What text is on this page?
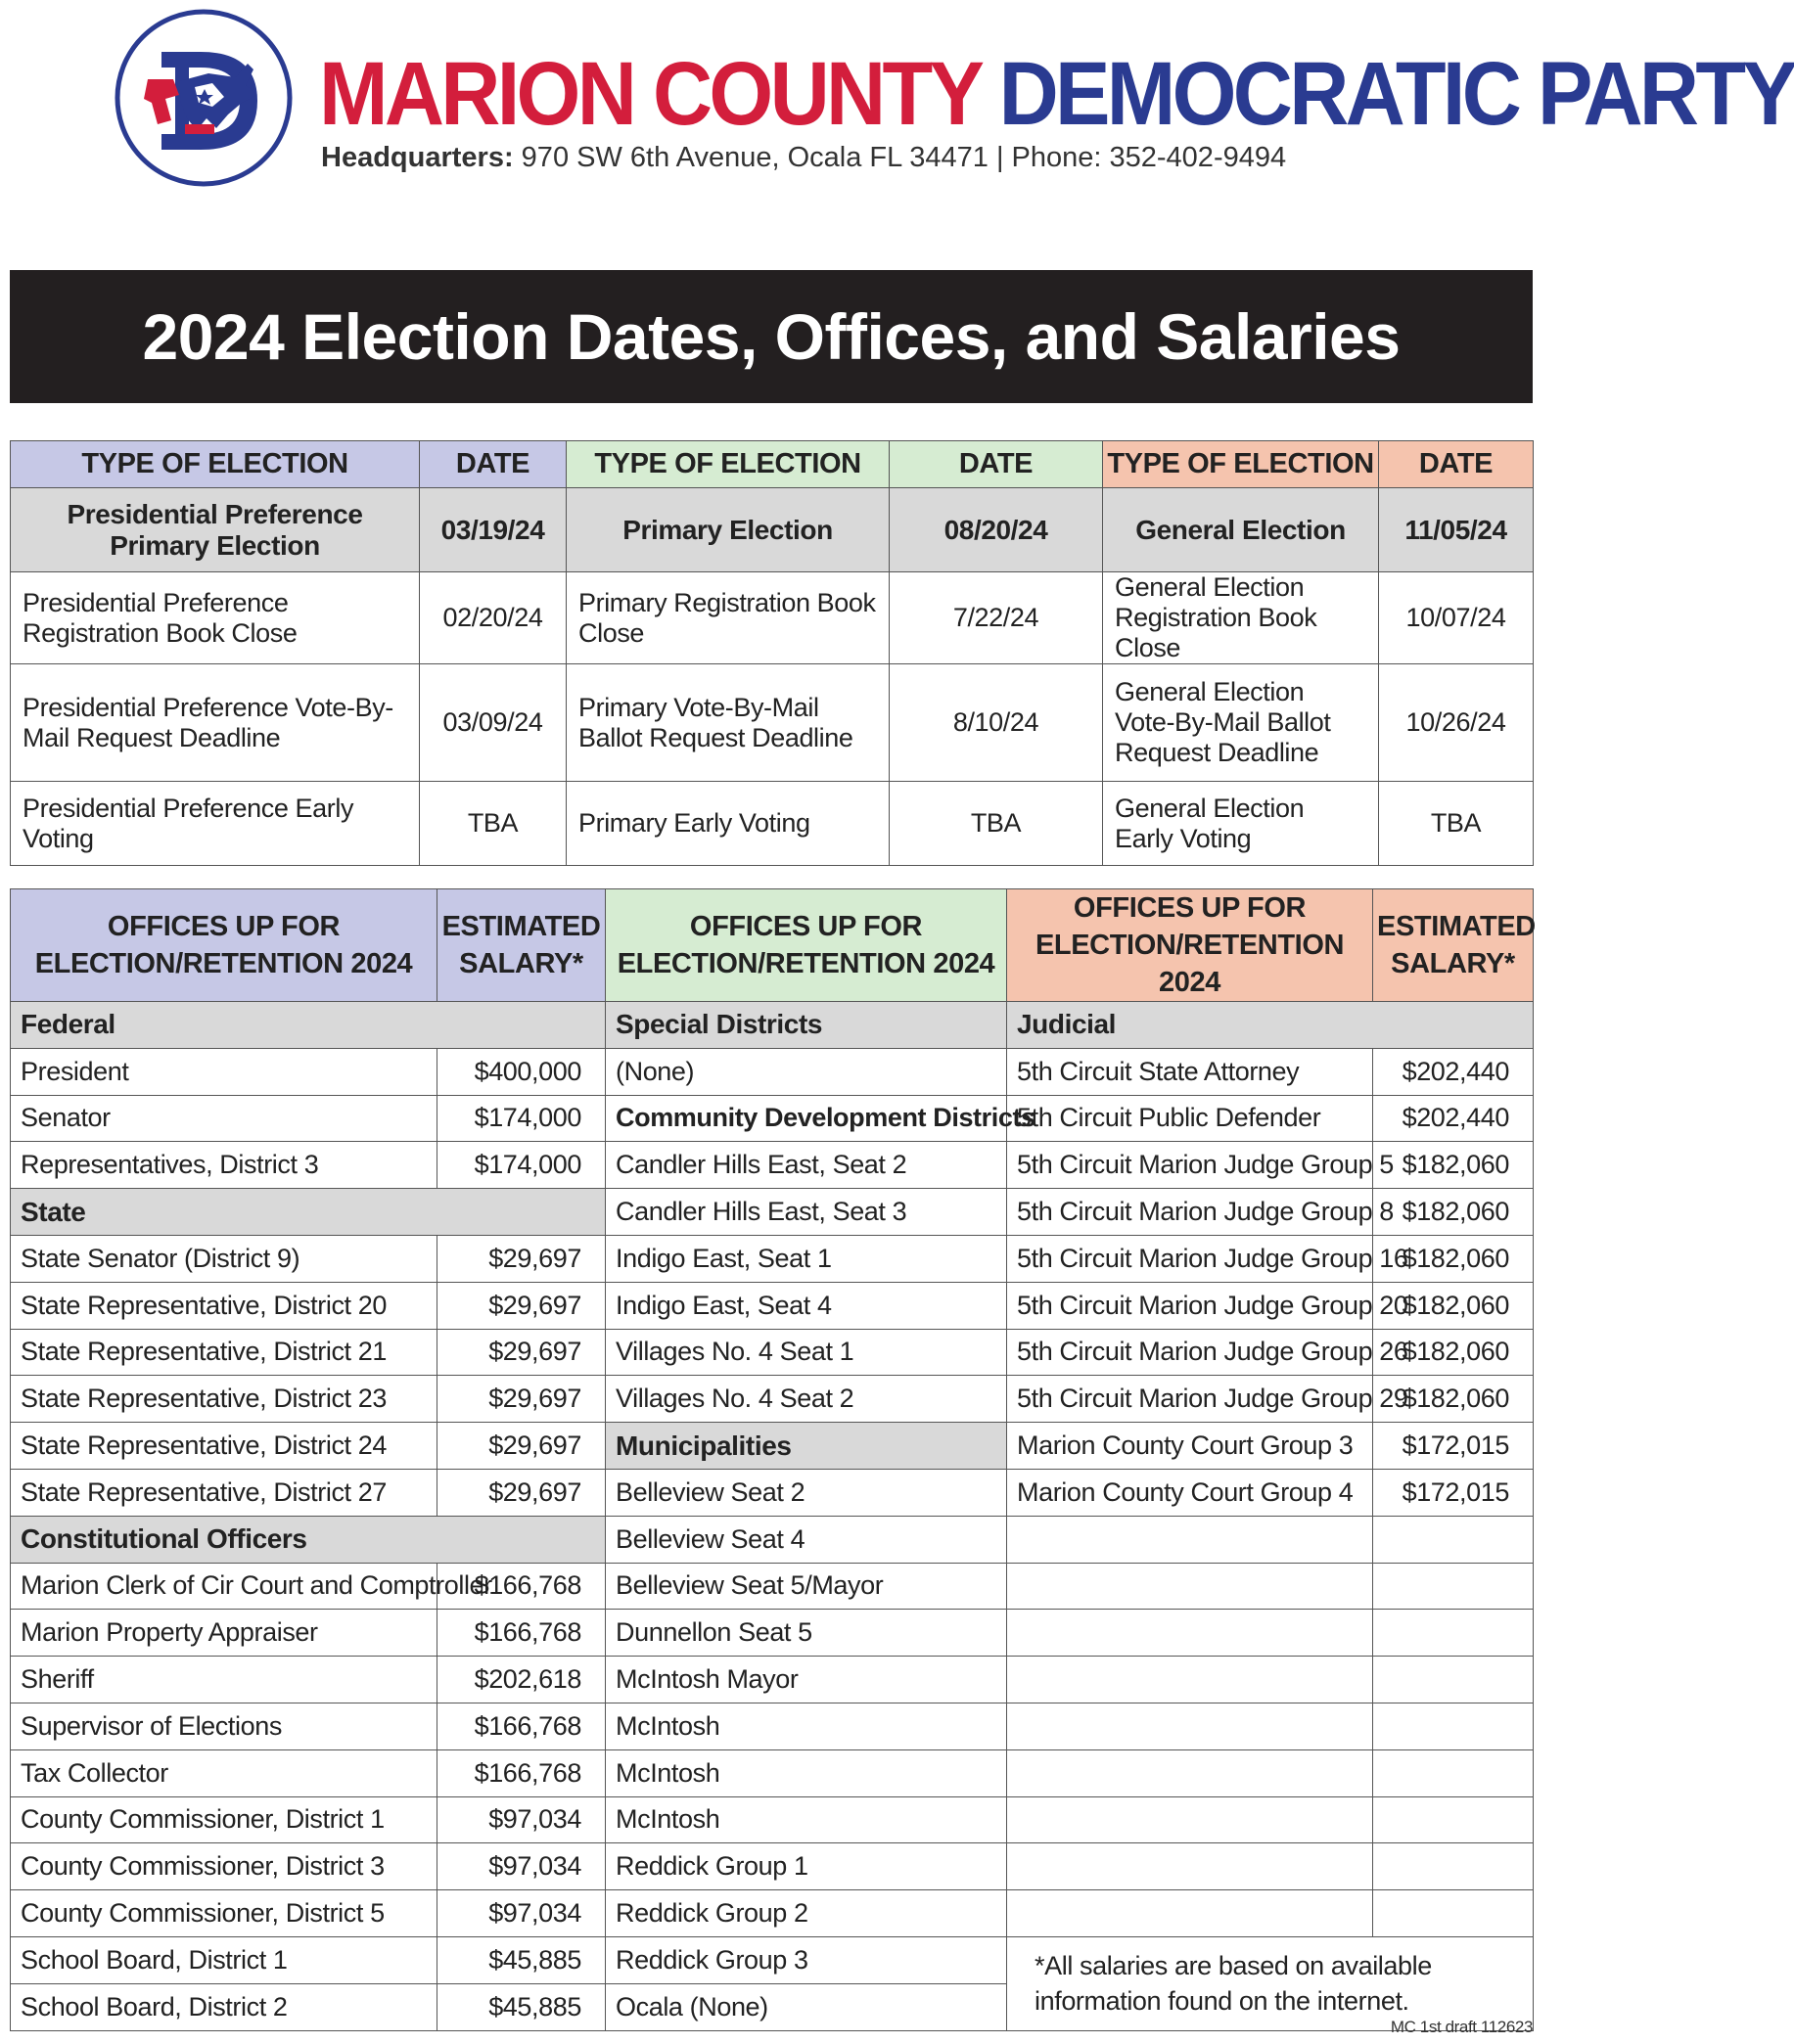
MARION COUNTY DEMOCRATIC PARTY
Headquarters: 970 SW 6th Avenue, Ocala FL 34471 | Phone: 352-402-9494
2024 Election Dates, Offices, and Salaries
TYPE OF ELECTION	DATE	TYPE OF ELECTION	DATE	TYPE OF ELECTION	DATE
Presidential Preference Primary Election	03/19/24	Primary Election	08/20/24	General Election	11/05/24
Presidential Preference Registration Book Close	02/20/24	Primary Registration Book Close	7/22/24	General Election Registration Book Close	10/07/24
Presidential Preference Vote-By-Mail Request Deadline	03/09/24	Primary Vote-By-Mail Ballot Request Deadline	8/10/24	General Election Vote-By-Mail Ballot Request Deadline	10/26/24
Presidential Preference Early Voting	TBA	Primary Early Voting	TBA	General Election Early Voting	TBA
OFFICES UP FOR ELECTION/RETENTION 2024	ESTIMATED SALARY*	OFFICES UP FOR ELECTION/RETENTION 2024	OFFICES UP FOR ELECTION/RETENTION 2024	ESTIMATED SALARY*
Federal		Special Districts	Judicial	
President	$400,000	(None)	5th Circuit State Attorney	$202,440
Senator	$174,000	Community Development Districts	5th Circuit Public Defender	$202,440
Representatives, District 3	$174,000	Candler Hills East, Seat 2	5th Circuit Marion Judge Group 5	$182,060
State		Candler Hills East, Seat 3	5th Circuit Marion Judge Group 8	$182,060
State Senator (District 9)	$29,697	Indigo East, Seat 1	5th Circuit Marion Judge Group 16	$182,060
State Representative, District 20	$29,697	Indigo East, Seat 4	5th Circuit Marion Judge Group 20	$182,060
State Representative, District 21	$29,697	Villages No. 4 Seat 1	5th Circuit Marion Judge Group 26	$182,060
State Representative, District 23	$29,697	Villages No. 4 Seat 2	5th Circuit Marion Judge Group 29	$182,060
State Representative, District 24	$29,697	Municipalities	Marion County Court Group 3	$172,015
State Representative, District 27	$29,697	Belleview Seat 2	Marion County Court Group 4	$172,015
Constitutional Officers		Belleview Seat 4		
Marion Clerk of Cir Court and Comptroller	$166,768	Belleview Seat 5/Mayor		
Marion Property Appraiser	$166,768	Dunnellon Seat 5		
Sheriff	$202,618	McIntosh Mayor		
Supervisor of Elections	$166,768	McIntosh		
Tax Collector	$166,768	McIntosh		
County Commissioner, District 1	$97,034	McIntosh		
County Commissioner, District 3	$97,034	Reddick Group 1		
County Commissioner, District 5	$97,034	Reddick Group 2		
School Board, District 1	$45,885	Reddick Group 3	*All salaries are based on available information found on the internet.	
School Board, District 2	$45,885	Ocala (None)		
MC 1st draft 112623
